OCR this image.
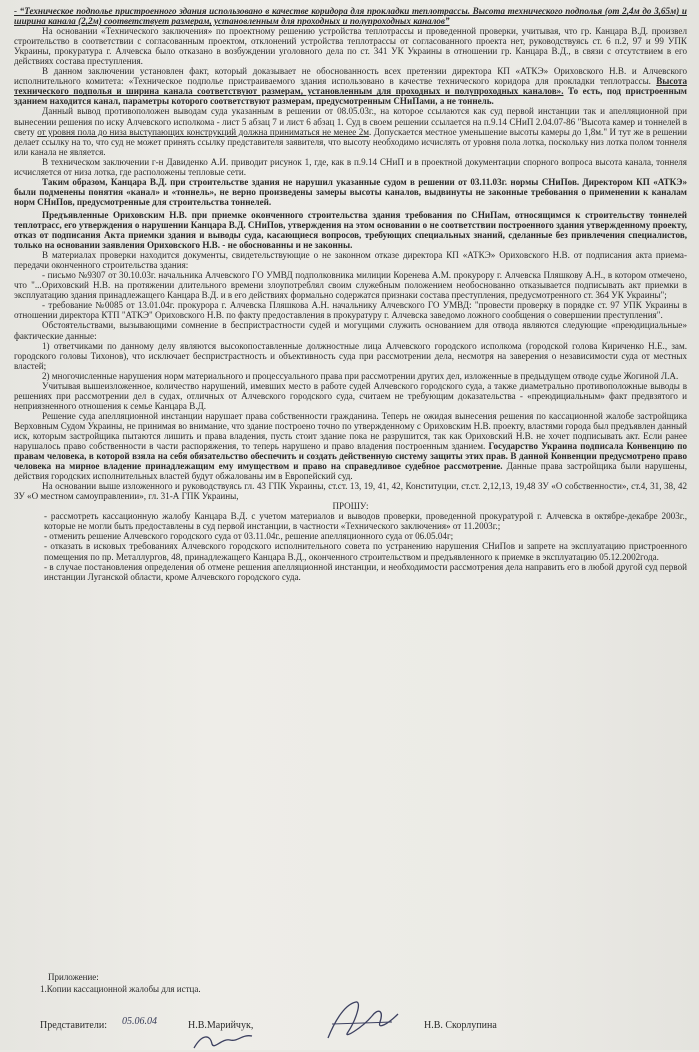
- “Техническое подполье пристроенного здания использовано в качестве коридора для прокладки теплотрассы. Высота технического подполья (от 2,4м до 3,65м) и ширина канала (2,2м) соответствует размерам, установленным для проходных и полупроходных каналов”

На основании «Технического заключения» по проектному решению устройства теплотрассы и проведенной проверки, учитывая, что гр. Канцара В.Д. произвел строительство в соответствии с согласованным проектом, отклонений устройства теплотрассы от согласованного проекта нет, руководствуясь ст. 6 п.2, 97 и 99 УПК Украины, прокуратура г. Алчевска было отказано в возбуждении уголовного дела по ст. 341 УК Украины в отношении гр. Канцара В.Д., в связи с отсутствием в его действиях состава преступления.

В данном заключении установлен факт, который доказывает не обоснованность всех претензии директора КП «АТКЭ» Ориховского Н.В. и Алчевского исполнительного комитета: «Техническое подполье пристраиваемого здания использовано в качестве технического коридора для прокладки теплотрассы. Высота технического подполья и ширина канала соответствуют размерам, установленным для проходных и полупроходных каналов». То есть, под пристроенным зданием находится канал, параметры которого соответствуют размерам, предусмотренным СНиПами, а не тоннель.

Данный вывод противоположен выводам суда указанным в решении от 08.05.03г., на которое ссылаются как суд первой инстанции так и апелляционной при вынесении решения по иску Алчевского исполкома - лист 5 абзац 7 и лист 6 абзац 1. Суд в своем решении ссылается на п.9.14 СНиП 2.04.07-86 "Высота камер и тоннелей в свету от уровня пола до низа выступающих конструкций должна приниматься не менее 2м. Допускается местное уменьшение высоты камеры до 1,8м." И тут же в решении делает ссылку на то, что суд не может принять ссылку представителя заявителя, что высоту необходимо исчислять от уровня пола лотка, поскольку низ лотка полом тоннеля или канала не является.

В техническом заключении г-н Давиденко А.И. приводит рисунок 1, где, как в п.9.14 СНиП и в проектной документации спорного вопроса высота канала, тоннеля исчисляется от низа лотка, где расположены тепловые сети.

Таким образом, Канцара В.Д. при строительстве здания не нарушил указанные судом в решении от 03.11.03г. нормы СНиПов. Директором КП «АТКЭ» были подменены понятия «канал» и «тоннель», не верно произведены замеры высоты каналов, выдвинуты не законные требования о применении к каналам норм СНиПов, предусмотренные для строительства тоннелей.

Предъявленные Ориховским Н.В. при приемке оконченного строительства здания требования по СНиПам, относящимся к строительству тоннелей теплотрасс, его утверждения о нарушении Канцара В.Д. СНиПов, утверждения на этом основании о не соответствии построенного здания утвержденному проекту, отказ от подписания Акта приемки здания и выводы суда, касающиеся вопросов, требующих специальных знаний, сделанные без привлечения специалистов, только на основании заявления Ориховского Н.В. - не обоснованны и не законны.

В материалах проверки находится документы, свидетельствующие о не законном отказе директора КП «АТКЭ» Ориховского Н.В. от подписания акта приема-передачи оконченного строительства здания:

- письмо №9307 от 30.10.03г. начальника Алчевского ГО УМВД подполковника милиции Коренева А.М. прокурору г. Алчевска Пляшкову А.Н., в котором отмечено, что "...Ориховский Н.В. на протяжении длительного времени злоупотреблял своим служебным положением необоснованно отказывается подписывать акт приемки в эксплуатацию здания принадлежащего Канцара В.Д. и в его действиях формально содержатся признаки состава преступления, предусмотренного ст. 364 УК Украины";

- требование №0085 от 13.01.04г. прокурора г. Алчевска Пляшкова А.Н. начальнику Алчевского ГО УМВД: "провести проверку в порядке ст. 97 УПК Украины в отношении директора КТП "АТКЭ" Ориховского Н.В. по факту предоставления в прокуратуру г. Алчевска заведомо ложного сообщения о совершении преступления".

Обстоятельствами, вызывающими сомнение в беспристрастности судей и могущими служить основанием для отвода являются следующие «преюдициальные» фактические данные:

1) ответчиками по данному делу являются высокопоставленные должностные лица Алчевского городского исполкома (городской голова Кириченко Н.Е., зам. городского головы Тихонов), что исключает беспристрастность и объективность суда при рассмотрении дела, несмотря на заверения о независимости суда от местных властей;

2) многочисленные нарушения норм материального и процессуального права при рассмотрении других дел, изложенные в предыдущем отводе судье Жогиной Л.А.

Учитывая вышеизложенное, количество нарушений, имевших место в работе судей Алчевского городского суда, а также диаметрально противоположные выводы в решениях при рассмотрении дел в судах, отличных от Алчевского городского суда, считаем не требующим доказательства - «преюдициальным» факт предвзятого и неприязненного отношения к семье Канцара В.Д.

Решение суда апелляционной инстанции нарушает права собственности гражданина. Теперь не ожидая вынесения решения по кассационной жалобе застройщика Верховным Судом Украины, не принимая во внимание, что здание построено точно по утвержденному с Ориховским Н.В. проекту, властями города был предъявлен данный иск, которым застройщика пытаются лишить и права владения, пусть стоит здание пока не разрушится, так как Ориховский Н.В. не хочет подписывать акт. Если ранее нарушалось право собственности в части распоряжения, то теперь нарушено и право владения построенным зданием. Государство Украина подписала Конвенцию по правам человека, в которой взяла на себя обязательство обеспечить и создать действенную систему защиты этих прав. В данной Конвенции предусмотрено право человека на мирное владение принадлежащим ему имуществом и право на справедливое судебное рассмотрение. Данные права застройщика были нарушены, действия городских исполнительных властей будут обжалованы им в Европейский суд.

На основании выше изложенного и руководствуясь гл. 43 ГПК Украины, ст.ст. 13, 19, 41, 42, Конституции, ст.ст. 2,12,13, 19,48 ЗУ «О собственности», ст.4, 31, 38, 42 ЗУ «О местном самоуправлении», гл. 31-А ГПК Украины,

ПРОШУ:

- рассмотреть кассационную жалобу Канцара В.Д. с учетом материалов и выводов проверки, проведенной прокуратурой г. Алчевска в октябре-декабре 2003г., которые не могли быть предоставлены в суд первой инстанции, в частности «Технического заключения» от 11.2003г.;

- отменить решение Алчевского городского суда от 03.11.04г., решение апелляционного суда от 06.05.04г;

- отказать в исковых требованиях Алчевского городского исполнительного совета по устранению нарушения СНиПов и запрете на эксплуатацию пристроенного помещения по пр. Металлургов, 48, принадлежащего Канцара В.Д., оконченного строительством и предъявленного к приемке в эксплуатацию 05.12.2002года.

- в случае постановления определения об отмене решения апелляционной инстанции, и необходимости рассмотрения дела направить его в любой другой суд первой инстанции Луганской области, кроме Алчевского городского суда.

Приложение:

1.Копии кассационной жалобы для истца.

Представители: 05.06.04	Н.В.Марийчук,	Н.В. Скорлупина
